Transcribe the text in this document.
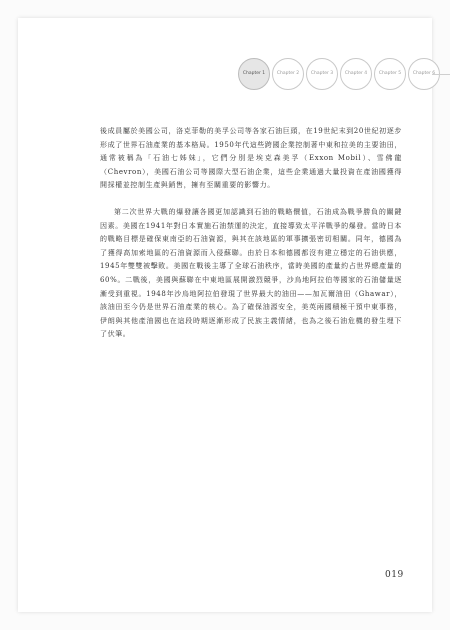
Chapter 1	Chapter 2	Chapter 3	Chapter 4	Chapter 5	Chapter 6

後成員屬於美國公司，洛克菲勒的美孚公司等各家石油巨頭，在19世紀末到20世紀初逐步形成了世界石油產業的基本格局。1950年代這些跨國企業控制著中東和拉美的主要油田，通常被稱為「石油七姊妹」，它們分別是埃克森美孚（Exxon Mobil）、雪佛龍（Chevron），美國石油公司等國際大型石油企業，這些企業通過大量投資在產油國獲得開採權並控制生產與銷售，擁有至關重要的影響力。

第二次世界大戰的爆發讓各國更加認識到石油的戰略價值，石油成為戰爭勝負的關鍵因素。美國在1941年對日本實施石油禁運的決定，直接導致太平洋戰爭的爆發。當時日本的戰略目標是確保東南亞的石油資源，與其在該地區的軍事擴張密切相關。同年，德國為了獲得高加索地區的石油資源而入侵蘇聯。由於日本和德國都沒有建立穩定的石油供應，1945年雙雙被擊敗。美國在戰後主導了全球石油秩序，當時美國的產量約占世界總產量的60%。二戰後，美國與蘇聯在中東地區展開激烈競爭，沙烏地阿拉伯等國家的石油儲量逐漸受到重視。1948年沙烏地阿拉伯發現了世界最大的油田——加瓦爾油田（Ghawar），該油田至今仍是世界石油產業的核心。為了確保油源安全，美英兩國積極干預中東事務，伊朗與其他產油國也在這段時期逐漸形成了民族主義情緒，也為之後石油危機的發生埋下了伏筆。

019
